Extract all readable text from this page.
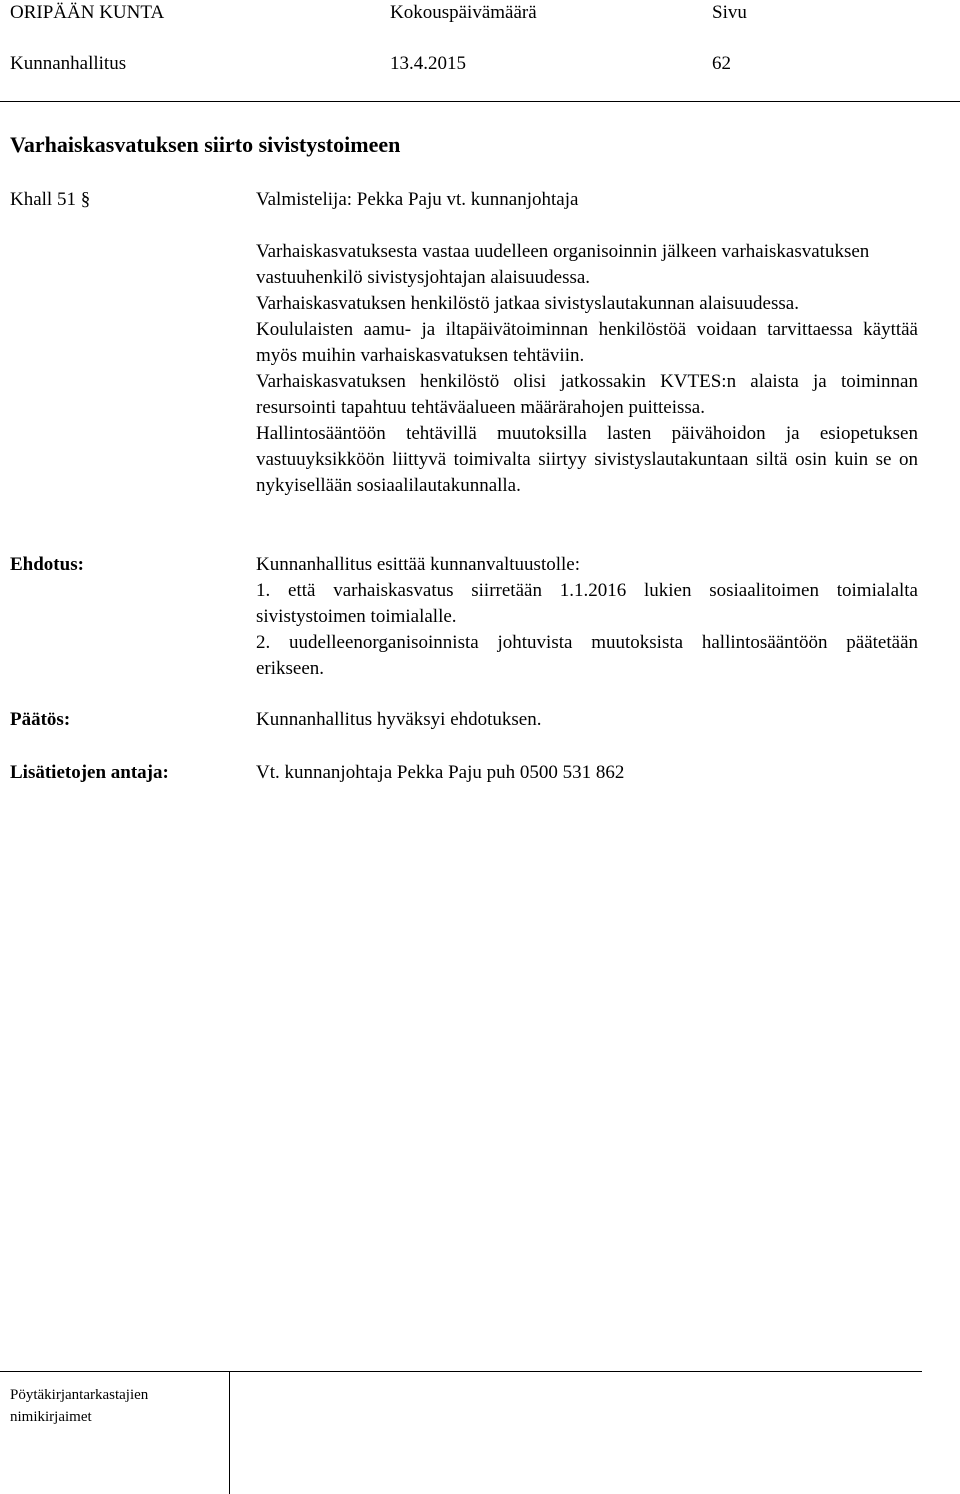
ORIPÄÄN KUNTA	Kokouspäivämäärä	Sivu
Kunnanhallitus	13.4.2015	62
Varhaiskasvatuksen siirto sivistystoimeen
Khall 51 §	Valmistelija: Pekka Paju vt. kunnanjohtaja

Varhaiskasvatuksesta vastaa uudelleen organisoinnin jälkeen varhaiskasvatuksen vastuuhenkilö sivistysjohtajan alaisuudessa.

Varhaiskasvatuksen henkilöstö jatkaa sivistyslautakunnan alaisuudessa.

Koululaisten aamu- ja iltapäivätoiminnan henkilöstöä voidaan tarvittaessa käyttää myös muihin varhaiskasvatuksen tehtäviin.

Varhaiskasvatuksen henkilöstö olisi jatkossakin KVTES:n alaista ja toiminnan resursointi tapahtuu tehtäväalueen määrärahojen puitteissa.

Hallintosääntöön tehtävillä muutoksilla lasten päivähoidon ja esiopetuksen vastuuyksikköön liittyvä toimivalta siirtyy sivistyslautakuntaan siltä osin kuin se on nykyisellään sosiaalilautakunnalla.

Ehdotus:	Kunnanhallitus esittää kunnanvaltuustolle:

1. että varhaiskasvatus siirretään 1.1.2016 lukien sosiaalitoimen toimialalta sivistystoimen toimialalle.

2. uudelleenorganisoinnista johtuvista muutoksista hallintosääntöön päätetään erikseen.

Päätös:	Kunnanhallitus hyväksyi ehdotuksen.
Lisätietojen antaja:	Vt. kunnanjohtaja Pekka Paju puh 0500 531 862
Pöytäkirjantarkastajien
nimikirjaimet
